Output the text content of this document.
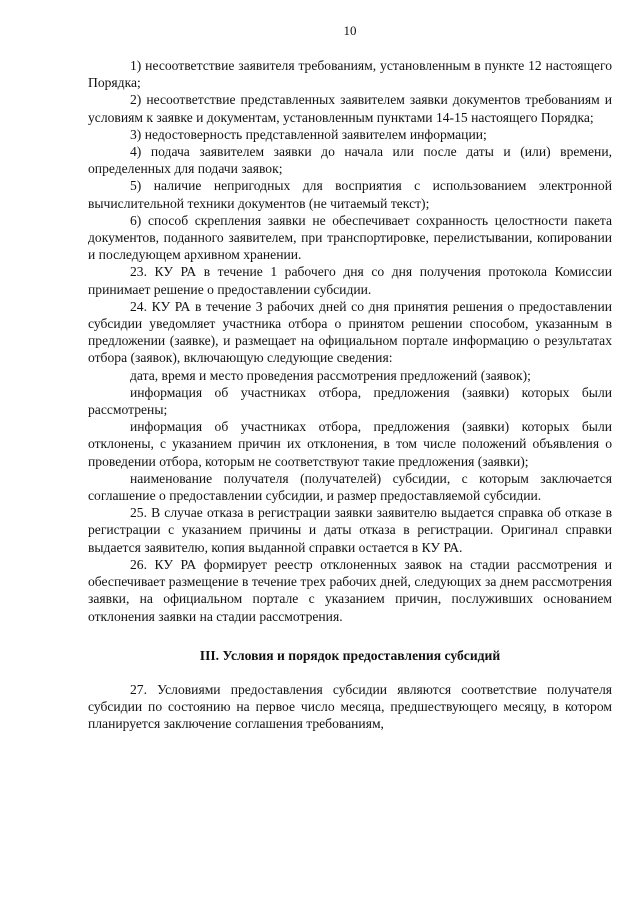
10

1) несоответствие заявителя требованиям, установленным в пункте 12 настоящего Порядка;

2) несоответствие представленных заявителем заявки документов требованиям и условиям к заявке и документам, установленным пунктами 14-15 настоящего Порядка;

3) недостоверность представленной заявителем информации;

4) подача заявителем заявки до начала или после даты и (или) времени, определенных для подачи заявок;

5) наличие непригодных для восприятия с использованием электронной вычислительной техники документов (не читаемый текст);

6) способ скрепления заявки не обеспечивает сохранность целостности пакета документов, поданного заявителем, при транспортировке, перелистывании, копировании и последующем архивном хранении.

23. КУ РА в течение 1 рабочего дня со дня получения протокола Комиссии принимает решение о предоставлении субсидии.

24. КУ РА в течение 3 рабочих дней со дня принятия решения о предоставлении субсидии уведомляет участника отбора о принятом решении способом, указанным в предложении (заявке), и размещает на официальном портале информацию о результатах отбора (заявок), включающую следующие сведения:

дата, время и место проведения рассмотрения предложений (заявок);

информация об участниках отбора, предложения (заявки) которых были рассмотрены;

информация об участниках отбора, предложения (заявки) которых были отклонены, с указанием причин их отклонения, в том числе положений объявления о проведении отбора, которым не соответствуют такие предложения (заявки);

наименование получателя (получателей) субсидии, с которым заключается соглашение о предоставлении субсидии, и размер предоставляемой субсидии.

25. В случае отказа в регистрации заявки заявителю выдается справка об отказе в регистрации с указанием причины и даты отказа в регистрации. Оригинал справки выдается заявителю, копия выданной справки остается в КУ РА.

26. КУ РА формирует реестр отклоненных заявок на стадии рассмотрения и обеспечивает размещение в течение трех рабочих дней, следующих за днем рассмотрения заявки, на официальном портале с указанием причин, послуживших основанием отклонения заявки на стадии рассмотрения.

III. Условия и порядок предоставления субсидий

27. Условиями предоставления субсидии являются соответствие получателя субсидии по состоянию на первое число месяца, предшествующего месяцу, в котором планируется заключение соглашения требованиям,
